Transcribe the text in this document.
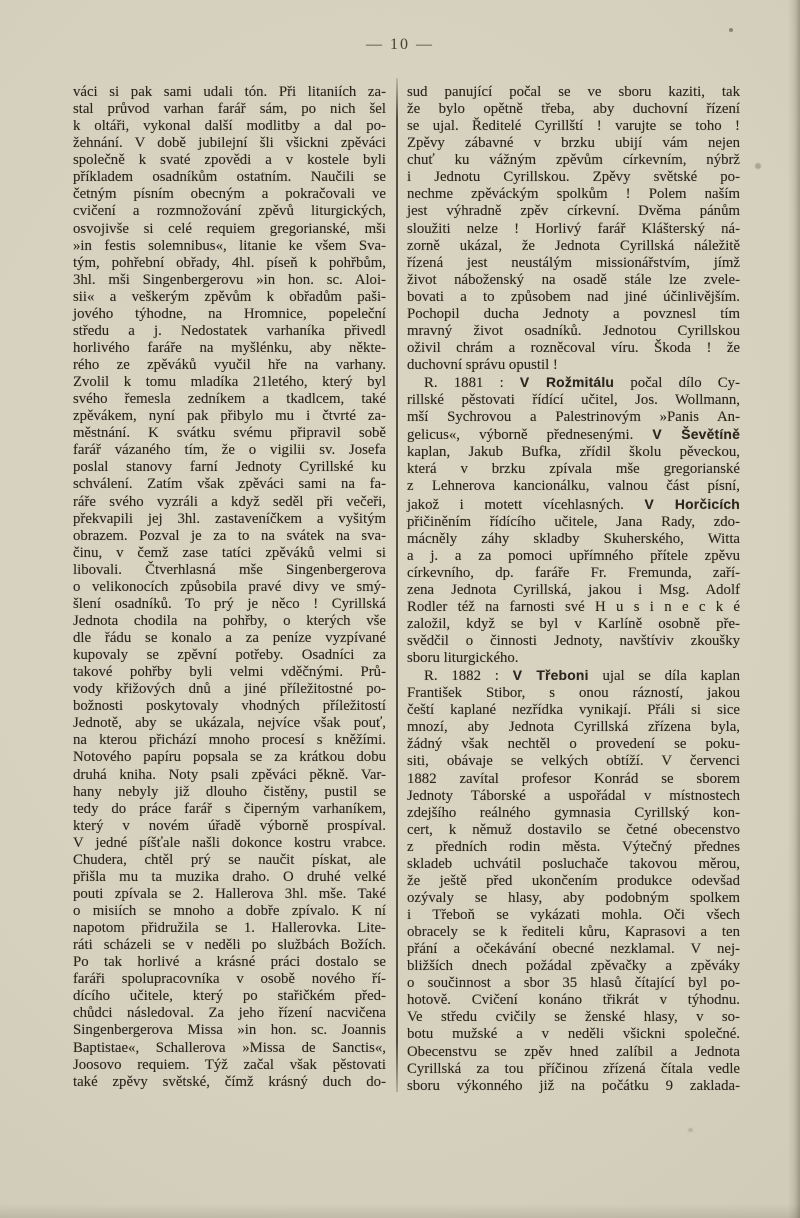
— 10 —
váci si pak sami udali tón. Při litaniích za-
stal průvod varhan farář sám, po nich šel
k oltáři, vykonal další modlitby a dal po-
žehnání. V době jubilejní šli všickni zpěváci
společně k svaté zpovědi a v kostele byli
příkladem osadníkům ostatním. Naučili se
četným písním obecným a pokračovali ve
cvičení a rozmnožování zpěvů liturgických,
osvojivše si celé requiem gregorianské, mši
»in festis solemnibus«, litanie ke všem Sva-
tým, pohřební obřady, 4hl. píseň k pohřbům,
3hl. mši Singenbergerovu »in hon. sc. Aloi-
sii« a veškerým zpěvům k obřadům paši-
jového týhodne, na Hromnice, popeleční
středu a j. Nedostatek varhaníka přivedl
horlivého faráře na myšlénku, aby někte-
rého ze zpěváků vyučil hře na varhany.
Zvolil k tomu mladíka 21letého, který byl
svého řemesla zedníkem a tkadlcem, také
zpěvákem, nyní pak přibylo mu i čtvrté za-
městnání. K svátku svému připravil sobě
farář vázaného tím, že o vigilii sv. Josefa
poslal stanovy farní Jednoty Cyrillské ku
schválení. Zatím však zpěváci sami na fa-
ráře svého vyzráli a když seděl při večeři,
překvapili jej 3hl. zastaveníčkem a vyšitým
obrazem. Pozval je za to na svátek na sva-
činu, v čemž zase tatíci zpěváků velmi si
libovali. Čtverhlasná mše Singenbergerova
o velikonocích způsobila pravé divy ve smý-
šlení osadníků. To prý je něco ! Cyrillská
Jednota chodila na pohřby, o kterých vše
dle řádu se konalo a za peníze vyzpívané
kupovaly se zpěvní potřeby. Osadníci za
takové pohřby byli velmi vděčnými. Prů-
vody křižových dnů a jiné příležitostné po-
božnosti poskytovaly vhodných příležitostí
Jednotě, aby se ukázala, nejvíce však pouť,
na kterou přichází mnoho procesí s kněžími.
Notového papíru popsala se za krátkou dobu
druhá kniha. Noty psali zpěváci pěkně. Var-
hany nebyly již dlouho čistěny, pustil se
tedy do práce farář s čiperným varhaníkem,
který v novém úřadě výborně prospíval.
V jedné píšťale našli dokonce kostru vrabce.
Chudera, chtěl prý se naučit pískat, ale
přišla mu ta muzika draho. O druhé velké
pouti zpívala se 2. Hallerova 3hl. mše. Také
o misiích se mnoho a dobře zpívalo. K ní
napotom přidružila se 1. Hallerovka. Lite-
ráti scházeli se v neděli po službách Božích.
Po tak horlivé a krásné práci dostalo se
faráři spolupracovníka v osobě nového ří-
dícího učitele, který po stařičkém před-
chůdci následoval. Za jeho řízení nacvičena
Singenbergerova Missa »in hon. sc. Joannis
Baptistae«, Schallerova »Missa de Sanctis«,
Joosovo requiem. Týž začal však pěstovati
také zpěvy světské, čímž krásný duch do-
sud panující počal se ve sboru kaziti, tak
že bylo opětně třeba, aby duchovní řízení
se ujal. Ředitelé Cyrillští ! varujte se toho !
Zpěvy zábavné v brzku ubijí vám nejen
chuť ku vážným zpěvům církevním, nýbrž
i Jednotu Cyrillskou. Zpěvy světské po-
nechme zpěváckým spolkům ! Polem naším
jest výhradně zpěv církevní. Dvěma pánům
sloužiti nelze ! Horlivý farář Klášterský ná-
zorně ukázal, že Jednota Cyrillská náležitě
řízená jest neustálým missionářstvím, jímž
život náboženský na osadě stále lze zvele-
bovati a to způsobem nad jiné účinlivějším.
Pochopil ducha Jednoty a povznesl tím
mravný život osadníků. Jednotou Cyrillskou
oživil chrám a rozněcoval víru. Škoda ! že
duchovní správu opustil !
R. 1881 : V Rožmitálu počal dílo Cy-
rillské pěstovati řídící učitel, Jos. Wollmann,
mší Sychrovou a Palestrinovým »Panis An-
gelicus«, výborně přednesenými. V Ševětíně
kaplan, Jakub Bufka, zřídil školu pěveckou,
která v brzku zpívala mše gregorianské
z Lehnerova kancionálku, valnou část písní,
jakož i motett vícehlasných. V Horčicích
přičiněním řídícího učitele, Jana Rady, zdo-
mácněly záhy skladby Skuherského, Witta
a j. a za pomoci upřímného přítele zpěvu
církevního, dp. faráře Fr. Fremunda, zaří-
zena Jednota Cyrillská, jakou i Msg. Adolf
Rodler též na farnosti své H u s i n e c k é
založil, když se byl v Karlíně osobně pře-
svědčil o činnosti Jednoty, navštíviv zkoušky
sboru liturgického.
R. 1882 : V Třeboni ujal se díla kaplan
František Stibor, s onou rázností, jakou
čeští kaplané nezřídka vynikají. Přáli si sice
mnozí, aby Jednota Cyrillská zřízena byla,
žádný však nechtěl o provedení se poku-
siti, obávaje se velkých obtíží. V červenci
1882 zavítal profesor Konrád se sborem
Jednoty Táborské a uspořádal v místnostech
zdejšího reálného gymnasia Cyrillský kon-
cert, k němuž dostavilo se četné obecenstvo
z předních rodin města. Výtečný přednes
skladeb uchvátil posluchače takovou měrou,
že ještě před ukončením produkce odevšad
ozývaly se hlasy, aby podobným spolkem
i Třeboň se vykázati mohla. Oči všech
obracely se k řediteli kůru, Kaprasovi a ten
přání a očekávání obecné nezklamal. V nej-
bližších dnech požádal zpěvačky a zpěváky
o součinnost a sbor 35 hlasů čítající byl po-
hotově. Cvičení konáno třikrát v týhodnu.
Ve středu cvičily se ženské hlasy, v so-
botu mužské a v neděli všickni společné.
Obecenstvu se zpěv hned zalíbil a Jednota
Cyrillská za tou příčinou zřízená čítala vedle
sboru výkonného již na počátku 9 zaklada-
